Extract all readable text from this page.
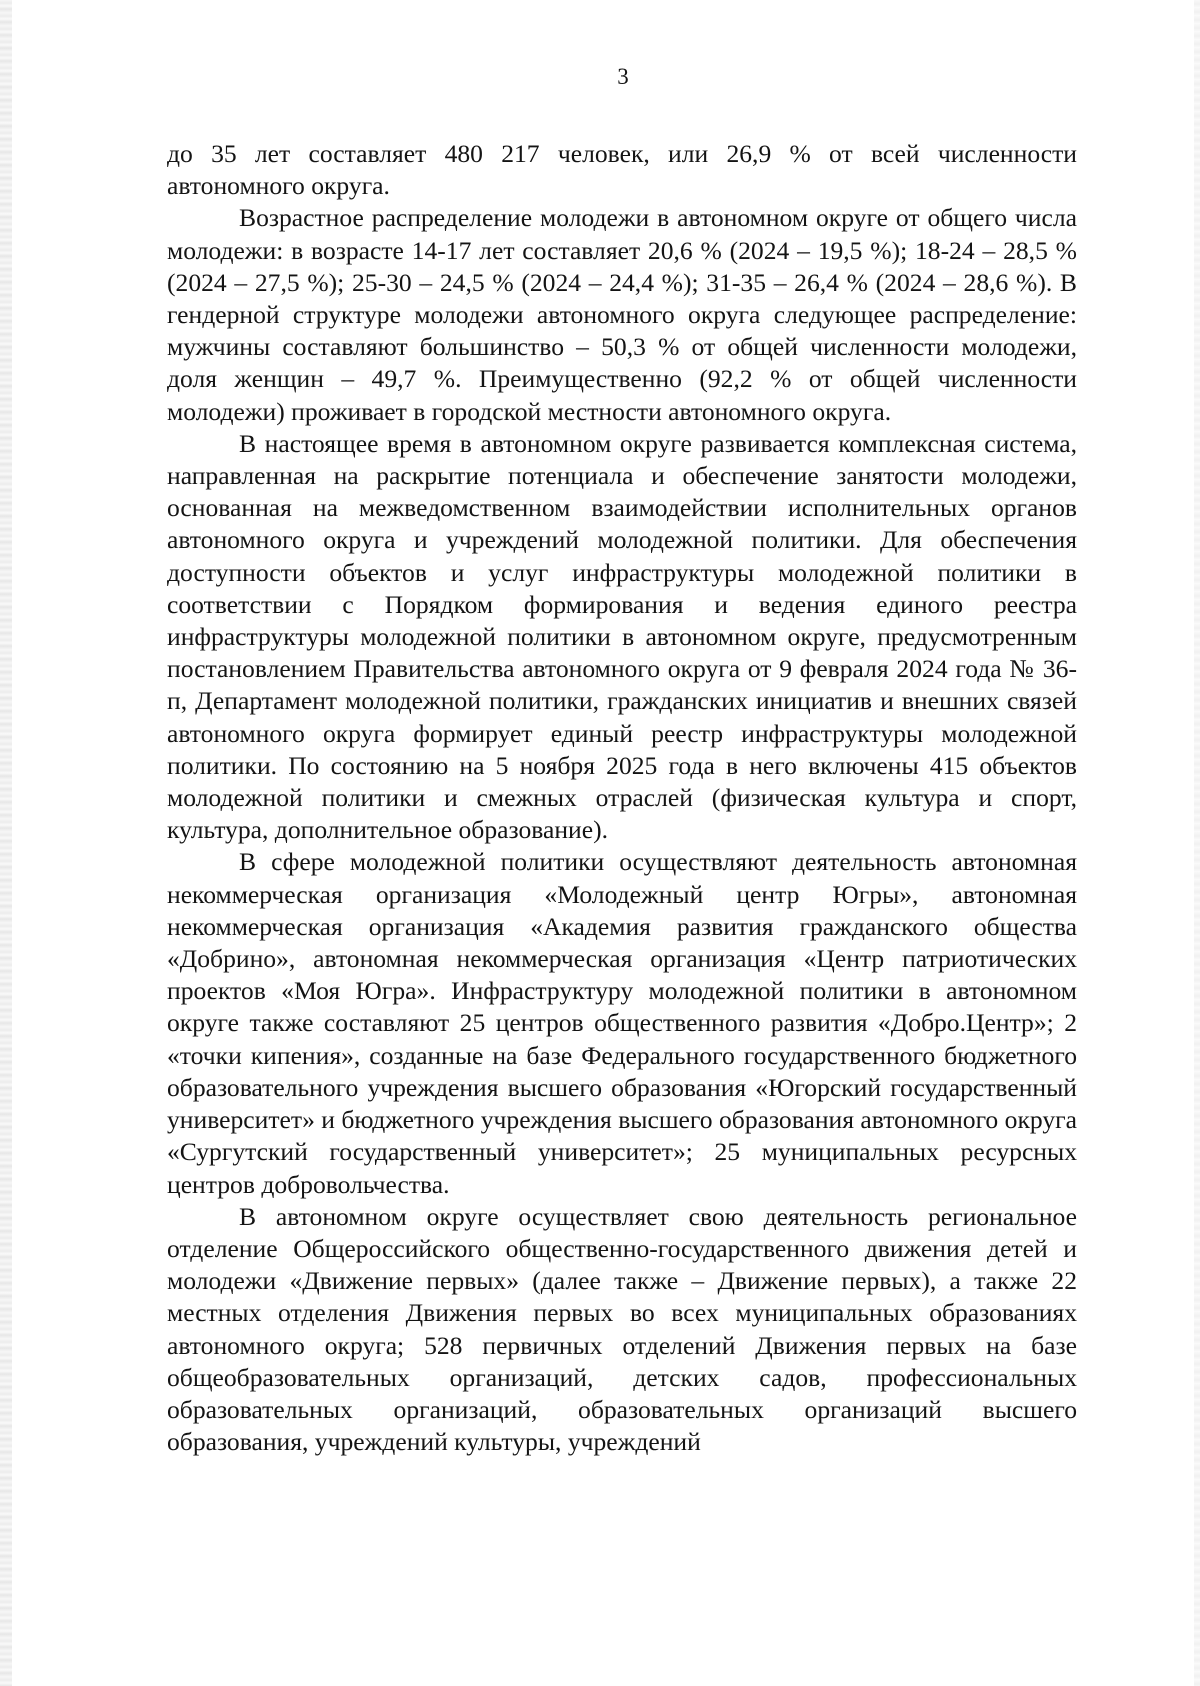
3

до 35 лет составляет 480 217 человек, или 26,9 % от всей численности автономного округа.

Возрастное распределение молодежи в автономном округе от общего числа молодежи: в возрасте 14-17 лет составляет 20,6 % (2024 – 19,5 %); 18-24 – 28,5 % (2024 – 27,5 %); 25-30 – 24,5 % (2024 – 24,4 %); 31-35 – 26,4 % (2024 – 28,6 %). В гендерной структуре молодежи автономного округа следующее распределение: мужчины составляют большинство – 50,3 % от общей численности молодежи, доля женщин – 49,7 %. Преимущественно (92,2 % от общей численности молодежи) проживает в городской местности автономного округа.

В настоящее время в автономном округе развивается комплексная система, направленная на раскрытие потенциала и обеспечение занятости молодежи, основанная на межведомственном взаимодействии исполнительных органов автономного округа и учреждений молодежной политики. Для обеспечения доступности объектов и услуг инфраструктуры молодежной политики в соответствии с Порядком формирования и ведения единого реестра инфраструктуры молодежной политики в автономном округе, предусмотренным постановлением Правительства автономного округа от 9 февраля 2024 года № 36-п, Департамент молодежной политики, гражданских инициатив и внешних связей автономного округа формирует единый реестр инфраструктуры молодежной политики. По состоянию на 5 ноября 2025 года в него включены 415 объектов молодежной политики и смежных отраслей (физическая культура и спорт, культура, дополнительное образование).

В сфере молодежной политики осуществляют деятельность автономная некоммерческая организация «Молодежный центр Югры», автономная некоммерческая организация «Академия развития гражданского общества «Добрино», автономная некоммерческая организация «Центр патриотических проектов «Моя Югра». Инфраструктуру молодежной политики в автономном округе также составляют 25 центров общественного развития «Добро.Центр»; 2 «точки кипения», созданные на базе Федерального государственного бюджетного образовательного учреждения высшего образования «Югорский государственный университет» и бюджетного учреждения высшего образования автономного округа «Сургутский государственный университет»; 25 муниципальных ресурсных центров добровольчества.

В автономном округе осуществляет свою деятельность региональное отделение Общероссийского общественно-государственного движения детей и молодежи «Движение первых» (далее также – Движение первых), а также 22 местных отделения Движения первых во всех муниципальных образованиях автономного округа; 528 первичных отделений Движения первых на базе общеобразовательных организаций, детских садов, профессиональных образовательных организаций, образовательных организаций высшего образования, учреждений культуры, учреждений
